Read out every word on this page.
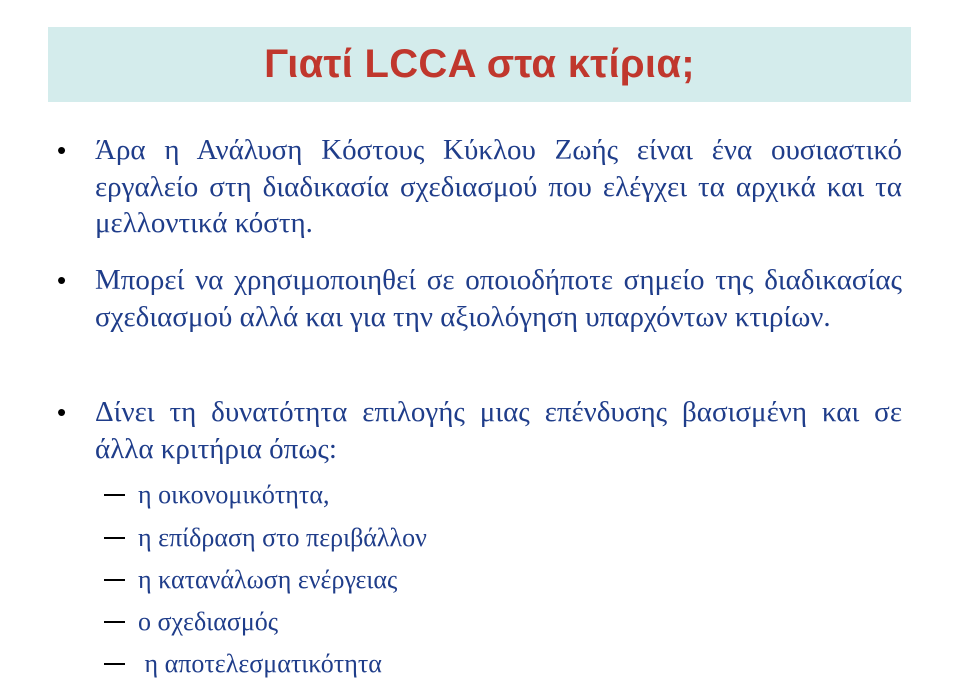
Γιατί LCCA στα κτίρια;
• Άρα η Ανάλυση Κόστους Κύκλου Ζωής είναι ένα ουσιαστικό εργαλείο στη διαδικασία σχεδιασμού που ελέγχει τα αρχικά και τα μελλοντικά κόστη.
• Μπορεί να χρησιμοποιηθεί σε οποιοδήποτε σημείο της διαδικασίας σχεδιασμού αλλά και για την αξιολόγηση υπαρχόντων κτιρίων.
• Δίνει τη δυνατότητα επιλογής μιας επένδυσης βασισμένη και σε άλλα κριτήρια όπως:
η οικονομικότητα,
η επίδραση στο περιβάλλον
η κατανάλωση ενέργειας
ο σχεδιασμός
η αποτελεσματικότητα
